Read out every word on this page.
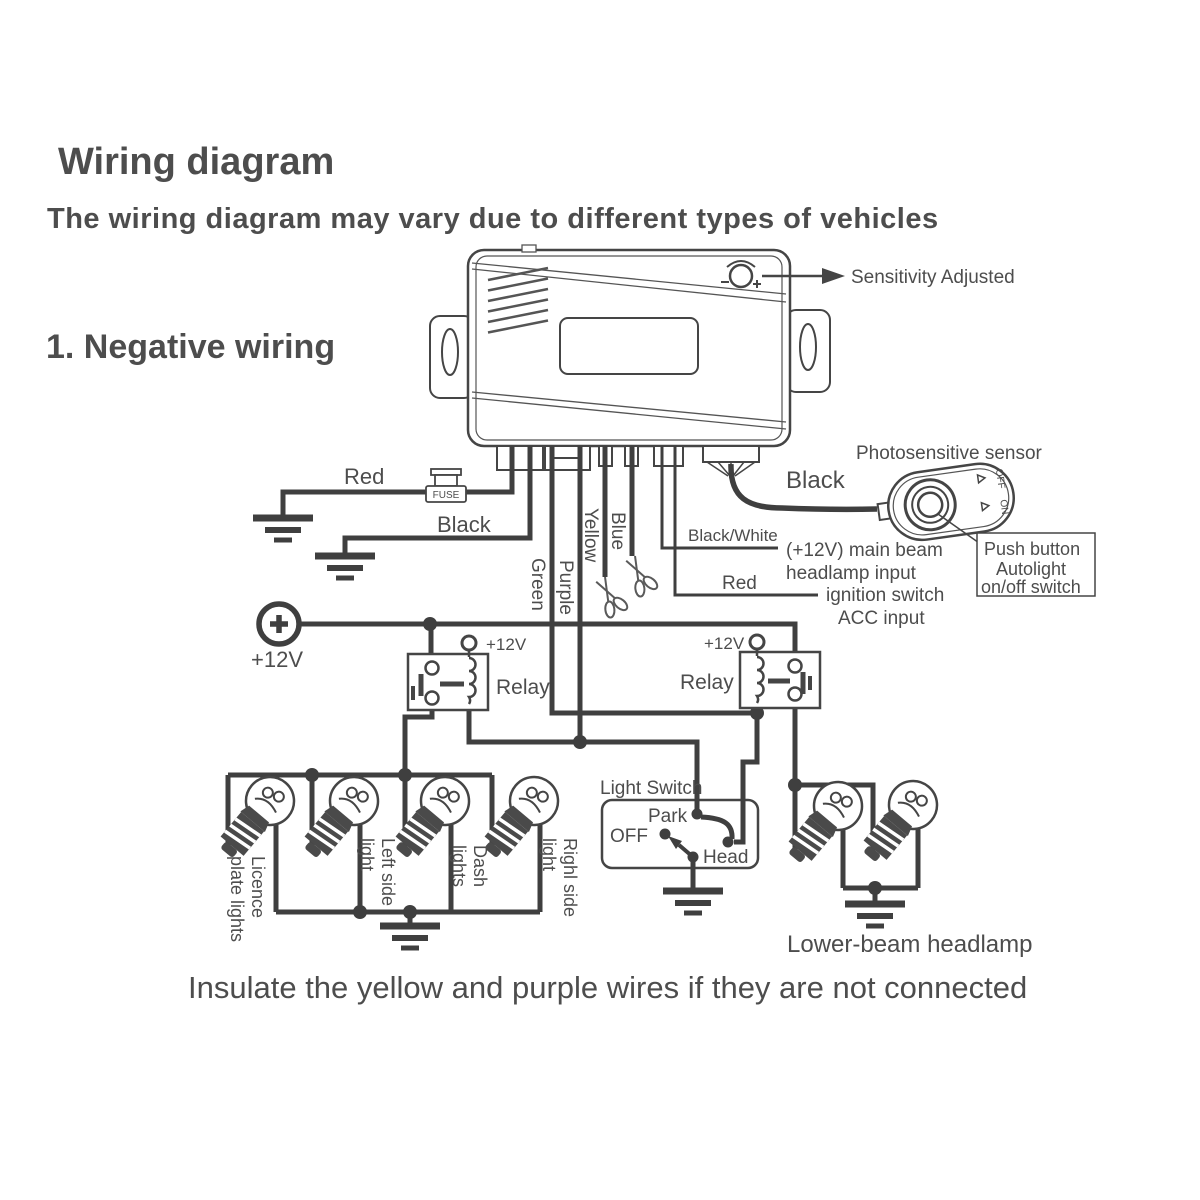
Wiring diagram
The wiring diagram may vary due to different types of vehicles
1. Negative wiring
Insulate the yellow and purple wires if they are not connected
Sensitivity Adjusted
FUSE
+12V
+12V
Relay
+12V
Relay
Red
Black
Green Purple
Yellow Blue	Black/White
Red
Black
(+12V) main beam
headlamp input
ignition switch
ACC input
OFF
ON
Photosensitive sensor
Push button
Autolight
on/off switch
Light Switch
Park
OFF
Head
Licence plate lights	Left side light	Dash lights	Righl side light
Lower-beam headlamp
